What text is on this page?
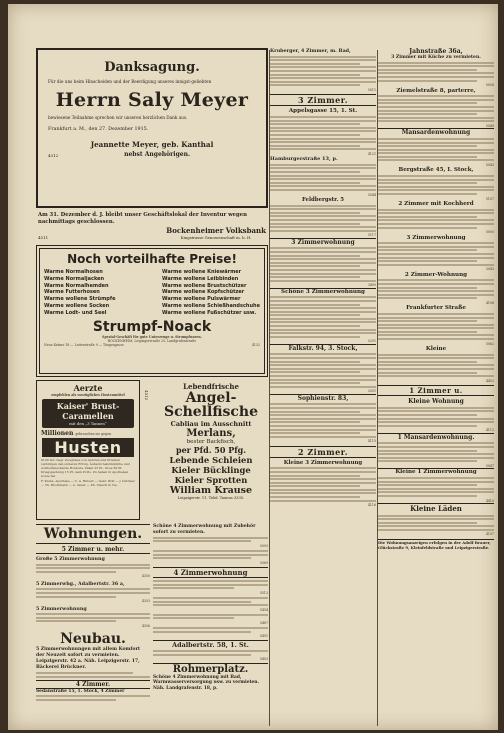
Danksagung.
Für die uns beim Hinscheiden und der Beerdigung unseres innigst-geliebten
Herrn Saly Meyer
bewiesene Teilnahme sprechen wir unseren herzlichen Dank aus.
Frankfurt a. M., den 27. Dezember 1915.
Jeannette Meyer, geb. Kanthal
4312	nebst Angehörigen.
Am 31. Dezember d. J. bleibt unser Geschäftslokal der Inventur wegen nachmittags geschlossen.
4511
Bockenheimer Volksbank
Kingstrasse Genossenschaft m. b. H.
Noch vorteilhafte Preise!
Warme Normalhosen
Warme Normaljacken
Warme Normalhemden
Warme Futterhosen
Warme wollene Strümpfe
Warme wollene Socken
Warme Lodt- und Seel
Warme wollene Kniewärmer
Warme wollene Leibbinden
Warme wollene Brustschützer
Warme wollene Kopfschützer
Warme wollene Pulswärmer
Warme wollene Schießhandschuhe
Warme wollene Fußschützer usw.
Strumpf-Noack
Spezial-Geschäft für gute Unterzeuge u. Strumpfwaren.
BOCKENHEIM, Leipzigerstraße 25, Landgrafenstraße
Neue Kräme 18 — Leiterstraße 9 — Töngesgasse	4132
Aerzte
empfehlen als vorzügliches Hustenmittel
Kaiser' Brust-
Caramellen
mit den „3 Tannen“
Millionen gebrauchen sie gegen
Husten
6100 not. begl. Zeugnisse von Aerzten und Privaten verbürgen den sicheren Erfolg. Äußerst bekömmliche und wohlschmeckende Bonbons. Paket 25 Pf., Dose 50 Pf. Kriegspackung 15 Pf., kein Porto. Zu haben in Apotheken sowie bei
F. Krebs, Apotheke — C. A. Hubert — Gebr. Wolf — J. Dettmer — Th. Brodtmann — A. Sauer — Ph. Stauch & Cie.
4512
Lebendfrische
Angel-
Schellfische
Cabliau im Ausschnitt
Merlans,
bester Backfisch,
per Pfd. 50 Pfg.
Lebende Schleien
Kieler Bücklinge
Kieler Sprotten
William Krause
Leipzigerstr. 11. Telef. Taunus 3335.
Wohnungen.
5 Zimmer u. mehr.
Große 5 Zimmerwohnung
4350
5 Zimmerwhg., Adalbertstr. 36 a,
4353
5 Zimmerwohnung
4356
Neubau.
5 Zimmerwohnungen mit allem Komfort der Neuzeit sofort zu vermieten. Leipzigerstr. 42 a. Näh. Leipzigerstr. 17, Bäckerei Brückner.
4 Zimmer.
Sedanstraße 15, 1. Stock, 4 Zimmer
Schöne 4 Zimmerwohnung mit Zubehör sofort zu vermieten.
5093
5069
4 Zimmerwohnung
5513
5454
5487
5491
Adalbertstr. 58, 1. St.
5403
Rohmerplatz.
Schöne 4 Zimmerwohnung mit Bad, Warmwasserversorgung usw. zu vermieten. Näh. Landgrafenstr. 18, p.
Kruberger, 4 Zimmer, m. Bad,
5011
3 Zimmer.
Appelsgasse 15, 1. St.
4121
Hamburgerstraße 13, p.
5044
Feldbergstr. 5
5117
3 Zimmerwohnung
3490
Schöne 3 Zimmerwohnung
5291
Falkstr. 94, 3. Stock,
3301
Sophienstr. 83,
4115
2 Zimmer.
Kleine 3 Zimmerwohnung
4116
Jahnstraße 36a,
3 Zimmer mit Küche zu vermieten.
5058
Ziemelstraße 8, parterre,
5049
Mansardenwohnung
5043
Bergstraße 45, I. Stock,
5107
2 Zimmer mit Kochherd
5005
3 Zimmerwohnung
3043
2 Zimmer-Wohnung
4108
Frankfurter Straße
5062
Kleine
4402
1 Zimmer u.
Kleine Wohnung
4112
1 Mansardenwohnung.
5047
Kleine 1 Zimmerwohnung
4410
Kleine Läden
4107
Die Wohnungsanzeigen erfolgen in der Adolf Brauer, Glückstraße 9, Kleinfeldstraße und Leipzigerstraße.
